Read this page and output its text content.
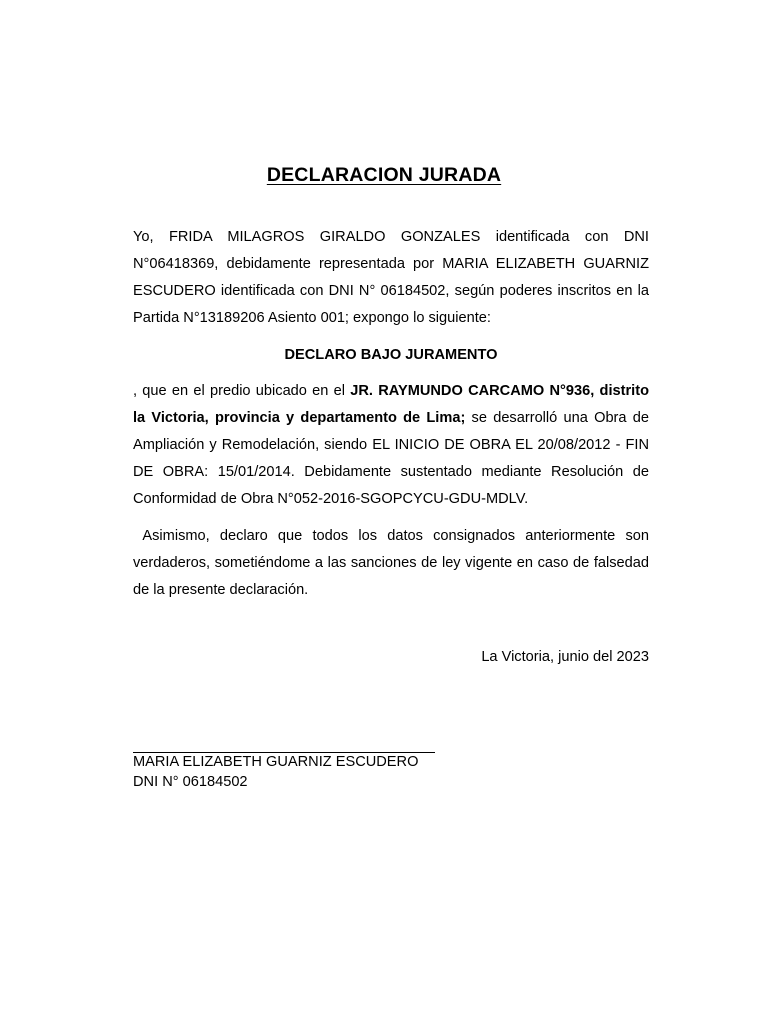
DECLARACION JURADA

Yo, FRIDA MILAGROS GIRALDO GONZALES identificada con DNI N°06418369, debidamente representada por MARIA ELIZABETH GUARNIZ ESCUDERO identificada con DNI N° 06184502, según poderes inscritos en la Partida N°13189206 Asiento 001; expongo lo siguiente:

DECLARO BAJO JURAMENTO

, que en el predio ubicado en el JR. RAYMUNDO CARCAMO N°936, distrito la Victoria, provincia y departamento de Lima; se desarrolló una Obra de Ampliación y Remodelación, siendo EL INICIO DE OBRA EL 20/08/2012 - FIN DE OBRA: 15/01/2014. Debidamente sustentado mediante Resolución de Conformidad de Obra N°052-2016-SGOPCYCU-GDU-MDLV.

Asimismo, declaro que todos los datos consignados anteriormente son verdaderos, sometiéndome a las sanciones de ley vigente en caso de falsedad de la presente declaración.

La Victoria, junio del 2023

MARIA ELIZABETH GUARNIZ ESCUDERO

DNI N° 06184502
